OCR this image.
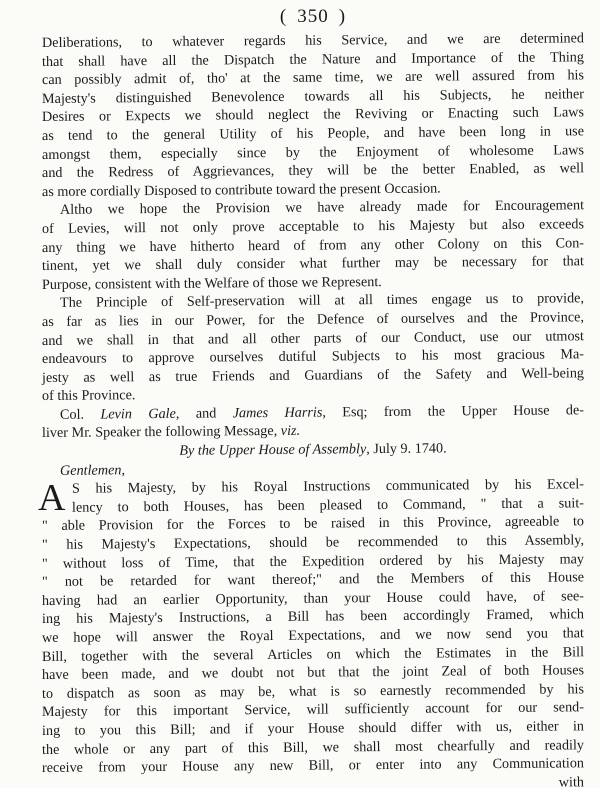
( 350 )
Deliberations, to whatever regards his Service, and we are determined
that shall have all the Dispatch the Nature and Importance of the Thing
can possibly admit of, tho' at the same time, we are well assured from his
Majesty's distinguished Benevolence towards all his Subjects, he neither
Desires or Expects we should neglect the Reviving or Enacting such Laws
as tend to the general Utility of his People, and have been long in use
amongst them, especially since by the Enjoyment of wholesome Laws
and the Redress of Aggrievances, they will be the better Enabled, as well
as more cordially Disposed to contribute toward the present Occasion.
Altho we hope the Provision we have already made for Encouragement
of Levies, will not only prove acceptable to his Majesty but also exceeds
any thing we have hitherto heard of from any other Colony on this Con-
tinent, yet we shall duly consider what further may be necessary for that
Purpose, consistent with the Welfare of those we Represent.
The Principle of Self-preservation will at all times engage us to provide,
as far as lies in our Power, for the Defence of ourselves and the Province,
and we shall in that and all other parts of our Conduct, use our utmost
endeavours to approve ourselves dutiful Subjects to his most gracious Ma-
jesty as well as true Friends and Guardians of the Safety and Well-being
of this Province.
Col. Levin Gale, and James Harris, Esq; from the Upper House de-
liver Mr. Speaker the following Message, viz.
By the Upper House of Assembly, July 9. 1740.
Gentlemen,
A S his Majesty, by his Royal Instructions communicated by his Excel-
lency to both Houses, has been pleased to Command, " that a suit-
" able Provision for the Forces to be raised in this Province, agreeable to
" his Majesty's Expectations, should be recommended to this Assembly,
" without loss of Time, that the Expedition ordered by his Majesty may
" not be retarded for want thereof;" and the Members of this House
having had an earlier Opportunity, than your House could have, of see-
ing his Majesty's Instructions, a Bill has been accordingly Framed, which
we hope will answer the Royal Expectations, and we now send you that
Bill, together with the several Articles on which the Estimates in the Bill
have been made, and we doubt not but that the joint Zeal of both Houses
to dispatch as soon as may be, what is so earnestly recommended by his
Majesty for this important Service, will sufficiently account for our send-
ing to you this Bill; and if your House should differ with us, either in
the whole or any part of this Bill, we shall most chearfully and readily
receive from your House any new Bill, or enter into any Communication
with
